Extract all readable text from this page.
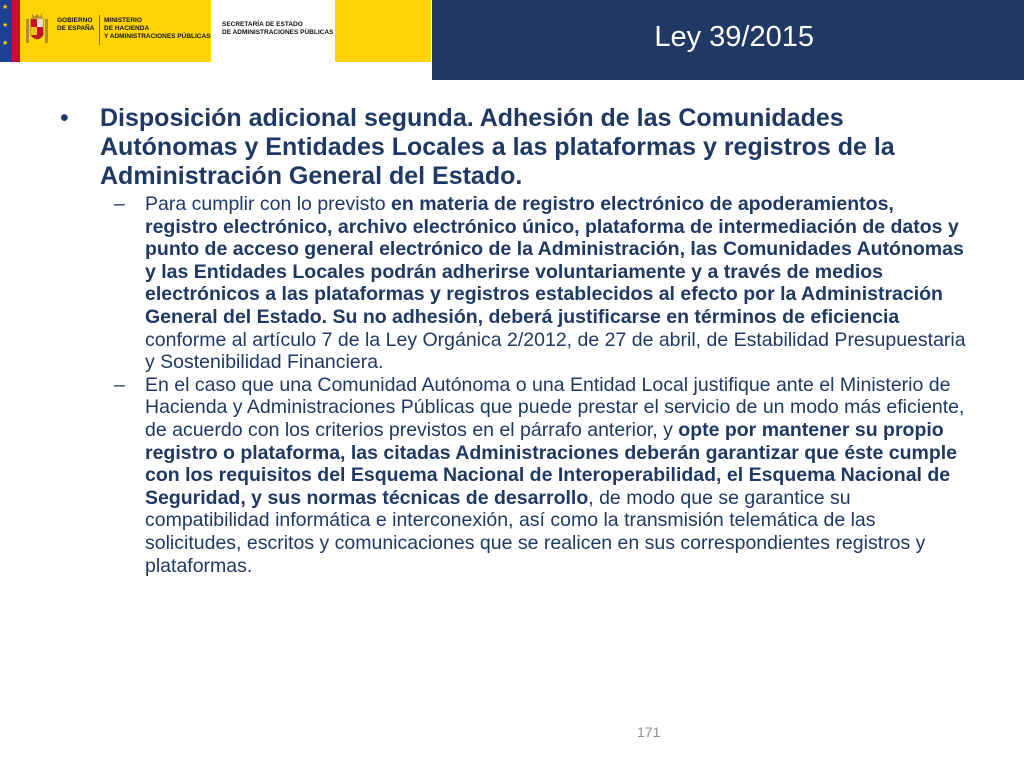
★
★
★
GOBIERNO
DE ESPAÑA
MINISTERIO
DE HACIENDA
Y ADMINISTRACIONES PÚBLICAS
SECRETARÍA DE ESTADO
DE ADMINISTRACIONES PÚBLICAS	Ley 39/2015
• Disposición adicional segunda. Adhesión de las Comunidades Autónomas y Entidades Locales a las plataformas y registros de la Administración General del Estado.
– Para cumplir con lo previsto en materia de registro electrónico de apoderamientos, registro electrónico, archivo electrónico único, plataforma de intermediación de datos y punto de acceso general electrónico de la Administración, las Comunidades Autónomas y las Entidades Locales podrán adherirse voluntariamente y a través de medios electrónicos a las plataformas y registros establecidos al efecto por la Administración General del Estado. Su no adhesión, deberá justificarse en términos de eficiencia conforme al artículo 7 de la Ley Orgánica 2/2012, de 27 de abril, de Estabilidad Presupuestaria y Sostenibilidad Financiera.
– En el caso que una Comunidad Autónoma o una Entidad Local justifique ante el Ministerio de Hacienda y Administraciones Públicas que puede prestar el servicio de un modo más eficiente, de acuerdo con los criterios previstos en el párrafo anterior, y opte por mantener su propio registro o plataforma, las citadas Administraciones deberán garantizar que éste cumple con los requisitos del Esquema Nacional de Interoperabilidad, el Esquema Nacional de Seguridad, y sus normas técnicas de desarrollo, de modo que se garantice su compatibilidad informática e interconexión, así como la transmisión telemática de las solicitudes, escritos y comunicaciones que se realicen en sus correspondientes registros y plataformas.
171
